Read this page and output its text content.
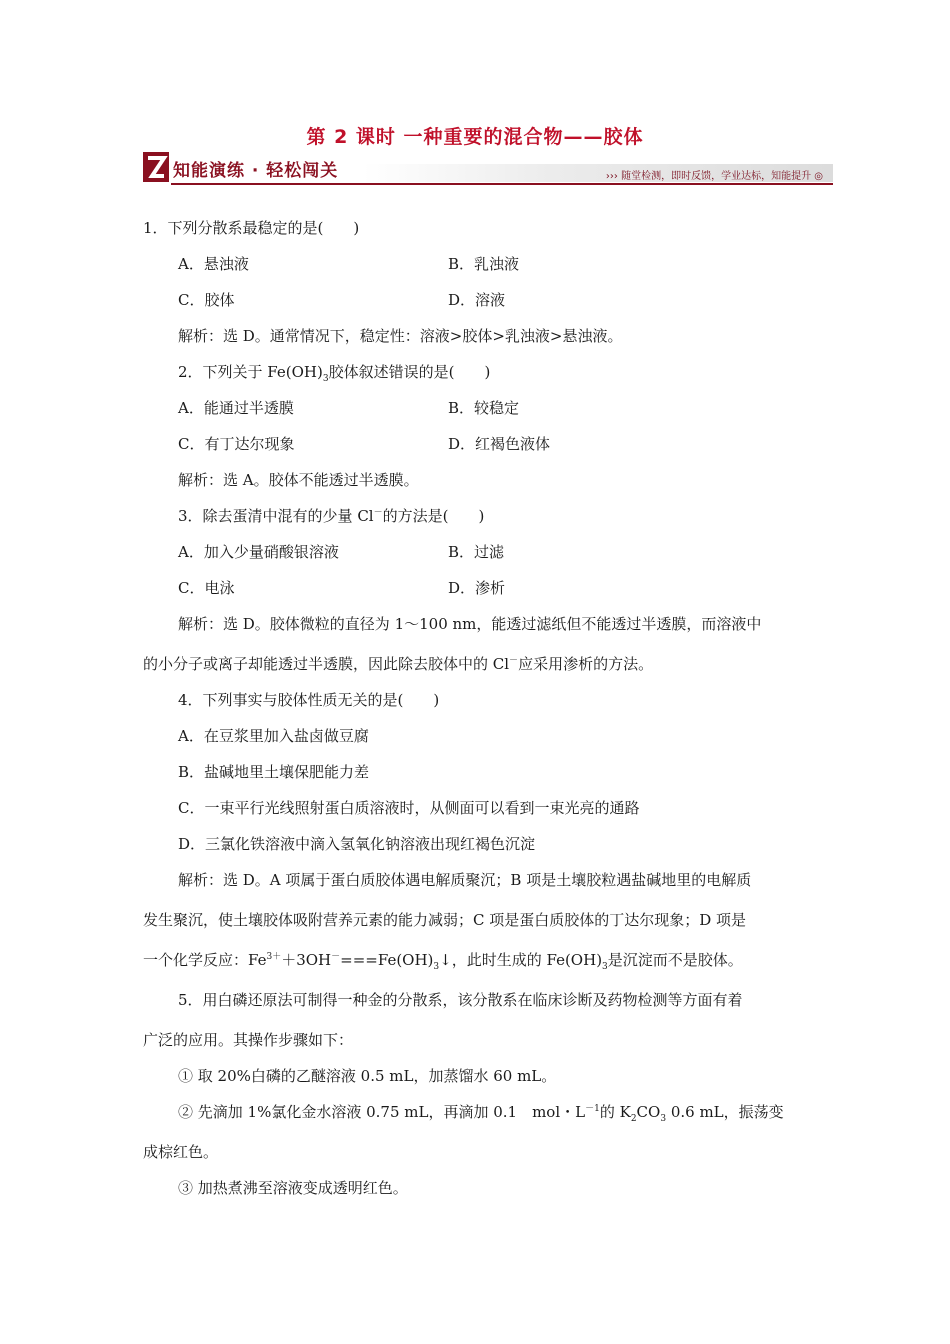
第 2 课时 一种重要的混合物——胶体
知能演练 · 轻松闯关	››› 随堂检测，即时反馈，学业达标，知能提升 ◎
1．下列分散系最稳定的是(　　)
A．悬浊液	B．乳浊液
C．胶体	D．溶液
解析：选 D。通常情况下，稳定性：溶液>胶体>乳浊液>悬浊液。
2．下列关于 $Fe(OH)_3$胶体叙述错误的是(　　)
A．能通过半透膜	B．较稳定
C．有丁达尔现象	D．红褐色液体
解析：选 A。胶体不能透过半透膜。
3．除去蛋清中混有的少量 Cl－的方法是(　　)
A．加入少量硝酸银溶液	B．过滤
C．电泳	D．渗析
解析：选 D。胶体微粒的直径为 1～100 nm，能透过滤纸但不能透过半透膜，而溶液中
的小分子或离子却能透过半透膜，因此除去胶体中的 Cl－应采用渗析的方法。
4．下列事实与胶体性质无关的是(　　)
A．在豆浆里加入盐卤做豆腐
B．盐碱地里土壤保肥能力差
C．一束平行光线照射蛋白质溶液时，从侧面可以看到一束光亮的通路
D．三氯化铁溶液中滴入氢氧化钠溶液出现红褐色沉淀
解析：选 D。A 项属于蛋白质胶体遇电解质聚沉；B 项是土壤胶粒遇盐碱地里的电解质
发生聚沉，使土壤胶体吸附营养元素的能力减弱；C 项是蛋白质胶体的丁达尔现象；D 项是
一个化学反应：$Fe^{3+}+3OH^-===Fe(OH)_3↓$，此时生成的 $Fe(OH)_3$是沉淀而不是胶体。
5．用白磷还原法可制得一种金的分散系，该分散系在临床诊断及药物检测等方面有着
广泛的应用。其操作步骤如下：
① 取 20%白磷的乙醚溶液 0.5 mL，加蒸馏水 60 mL。
② 先滴加 1%氯化金水溶液 0.75 mL，再滴加 0.1　mol・$L^{-1}$的 $K_2CO_3$ 0.6 mL，振荡变
成棕红色。
③ 加热煮沸至溶液变成透明红色。
